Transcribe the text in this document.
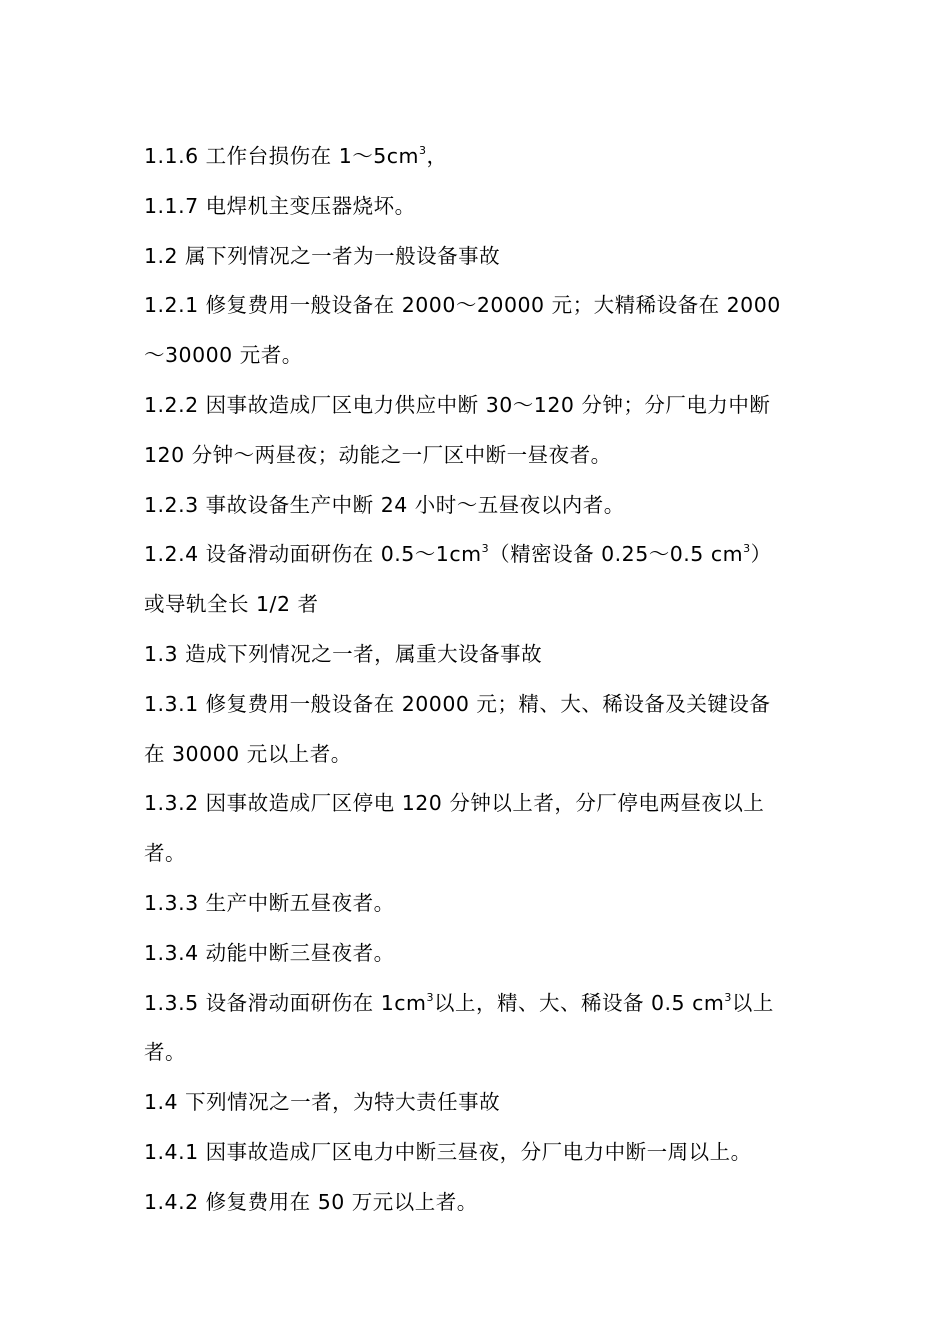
1.1.6 工作台损伤在 $1\sim 5cm^3$，
1.1.7 电焊机主变压器烧坏。
1.2 属下列情况之一者为一般设备事故
1.2.1 修复费用一般设备在 2000～20000 元；大精稀设备在 2000
～30000 元者。
1.2.2 因事故造成厂区电力供应中断 30～120 分钟；分厂电力中断
120 分钟～两昼夜；动能之一厂区中断一昼夜者。
1.2.3 事故设备生产中断 24 小时～五昼夜以内者。
1.2.4 设备滑动面研伤在 $0.5\sim 1cm^3$（精密设备 0.25～0.5 $cm^3$）
或导轨全长 1/2 者
1.3 造成下列情况之一者，属重大设备事故
1.3.1 修复费用一般设备在 20000 元；精、大、稀设备及关键设备
在 30000 元以上者。
1.3.2 因事故造成厂区停电 120 分钟以上者，分厂停电两昼夜以上
者。
1.3.3 生产中断五昼夜者。
1.3.4 动能中断三昼夜者。
1.3.5 设备滑动面研伤在 $1cm^3$以上，精、大、稀设备 0.5 $cm^3$以上
者。
1.4 下列情况之一者，为特大责任事故
1.4.1 因事故造成厂区电力中断三昼夜，分厂电力中断一周以上。
1.4.2 修复费用在 50 万元以上者。
